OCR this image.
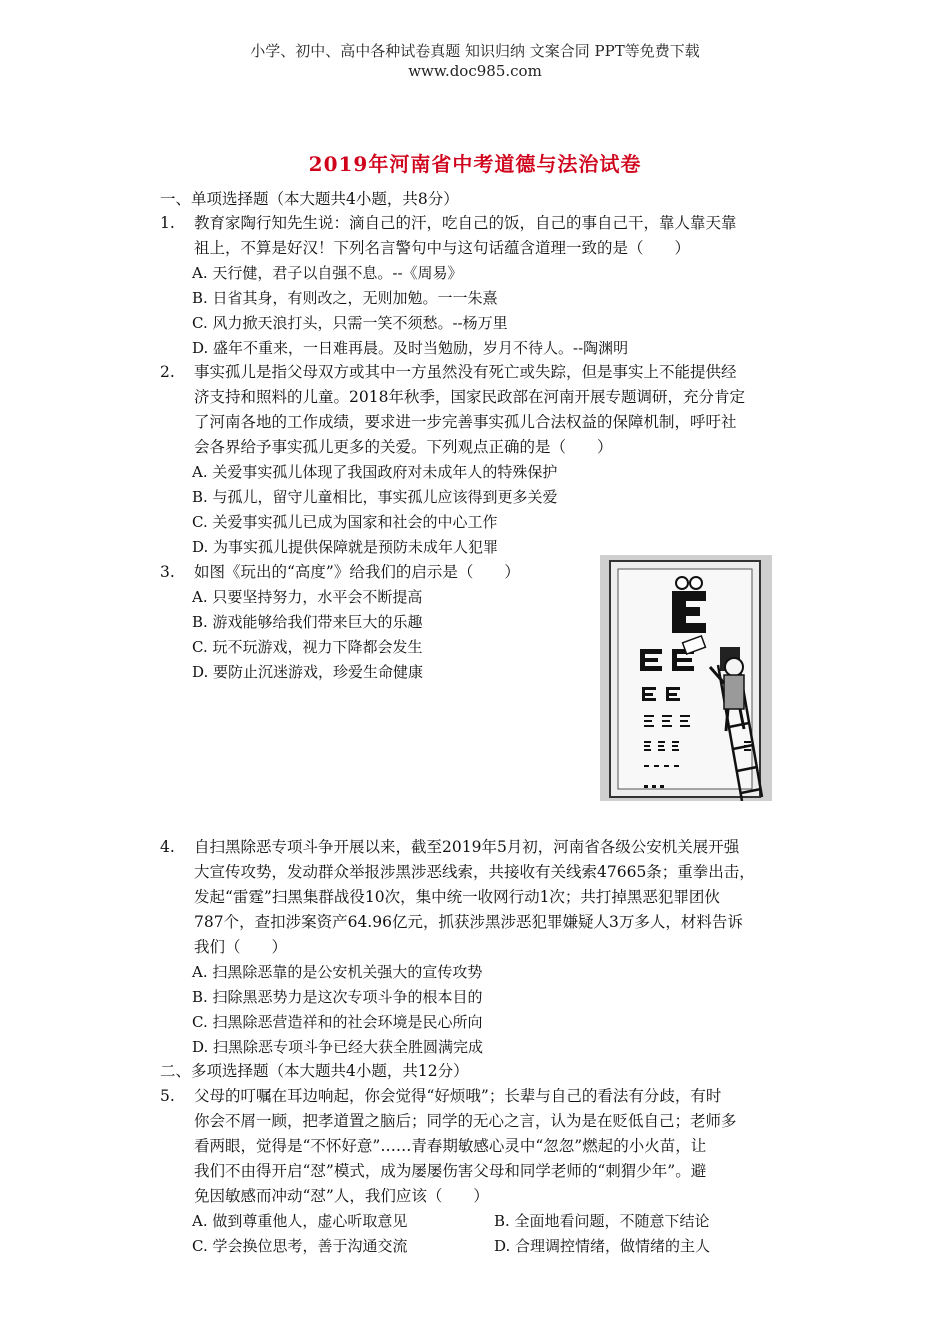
小学、初中、高中各种试卷真题 知识归纳 文案合同 PPT等免费下载
www.doc985.com
2019年河南省中考道德与法治试卷
一、单项选择题（本大题共4小题，共8分）
1. 教育家陶行知先生说：滴自己的汗，吃自己的饭，自己的事自己干，靠人靠天靠
祖上，不算是好汉！下列名言警句中与这句话蕴含道理一致的是（　　）
A. 天行健，君子以自强不息。--《周易》
B. 日省其身，有则改之，无则加勉。一一朱熹
C. 风力掀天浪打头，只需一笑不须愁。--杨万里
D. 盛年不重来，一日难再晨。及时当勉励，岁月不待人。--陶渊明
2. 事实孤儿是指父母双方或其中一方虽然没有死亡或失踪，但是事实上不能提供经
济支持和照料的儿童。2018年秋季，国家民政部在河南开展专题调研，充分肯定
了河南各地的工作成绩，要求进一步完善事实孤儿合法权益的保障机制，呼吁社
会各界给予事实孤儿更多的关爱。下列观点正确的是（　　）
A. 关爱事实孤儿体现了我国政府对未成年人的特殊保护
B. 与孤儿，留守儿童相比，事实孤儿应该得到更多关爱
C. 关爱事实孤儿已成为国家和社会的中心工作
D. 为事实孤儿提供保障就是预防未成年人犯罪
3. 如图《玩出的“高度”》给我们的启示是（　　）
A. 只要坚持努力，水平会不断提高
B. 游戏能够给我们带来巨大的乐趣
C. 玩不玩游戏，视力下降都会发生
D. 要防止沉迷游戏，珍爱生命健康
4. 自扫黑除恶专项斗争开展以来，截至2019年5月初，河南省各级公安机关展开强
大宣传攻势，发动群众举报涉黑涉恶线索，共接收有关线索47665条；重拳出击，
发起“雷霆”扫黑集群战役10次，集中统一收网行动1次；共打掉黑恶犯罪团伙
787个，查扣涉案资产64.96亿元，抓获涉黑涉恶犯罪嫌疑人3万多人，材料告诉
我们（　　）
A. 扫黑除恶靠的是公安机关强大的宣传攻势
B. 扫除黑恶势力是这次专项斗争的根本目的
C. 扫黑除恶营造祥和的社会环境是民心所向
D. 扫黑除恶专项斗争已经大获全胜圆满完成
二、多项选择题（本大题共4小题，共12分）
5. 父母的叮嘱在耳边响起，你会觉得“好烦哦”；长辈与自己的看法有分歧，有时
你会不屑一顾，把孝道置之脑后；同学的无心之言，认为是在贬低自己；老师多
看两眼，觉得是“不怀好意”……青春期敏感心灵中“忽忽”燃起的小火苗，让
我们不由得开启“怼”模式，成为屡屡伤害父母和同学老师的“刺猬少年”。避
免因敏感而冲动“怼”人，我们应该（　　）
A. 做到尊重他人，虚心听取意见	B. 全面地看问题，不随意下结论
C. 学会换位思考，善于沟通交流	D. 合理调控情绪，做情绪的主人
